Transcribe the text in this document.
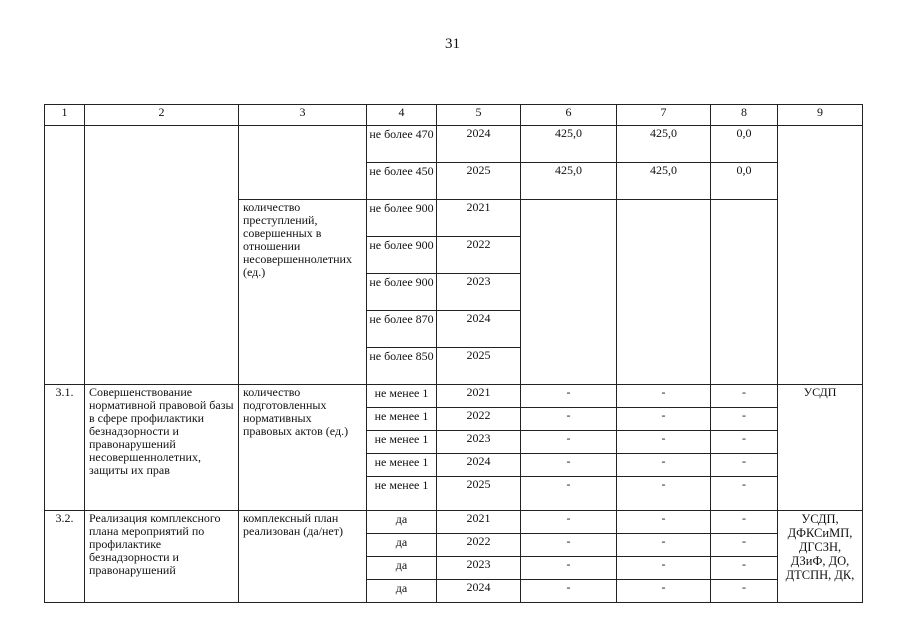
31
1	2	3	4	5	6	7	8	9
			не более 470	2024	425,0	425,0	0,0	
			не более 450	2025	425,0	425,0	0,0	
		количество преступлений, совершенных в отношении несовершеннолетних (ед.)	не более 900	2021				
			не более 900	2022				
			не более 900	2023				
			не более 870	2024				
			не более 850	2025				
3.1.	Совершенствование нормативной правовой базы в сфере профилактики безнадзорности и правонарушений несовершеннолетних, защиты их прав	количество подготовленных нормативных правовых актов (ед.)	не менее 1	2021	-	-	-	УСДП
			не менее 1	2022	-	-	-	
			не менее 1	2023	-	-	-	
			не менее 1	2024	-	-	-	
			не менее 1	2025	-	-	-	
3.2.	Реализация комплексного плана мероприятий по профилактике безнадзорности и правонарушений	комплексный план реализован (да/нет)	да	2021	-	-	-	УСДП, ДФКСиМП, ДГСЗН, ДЗиФ, ДО, ДТСПН, ДК,
			да	2022	-	-	-	
			да	2023	-	-	-	
			да	2024	-	-	-	
